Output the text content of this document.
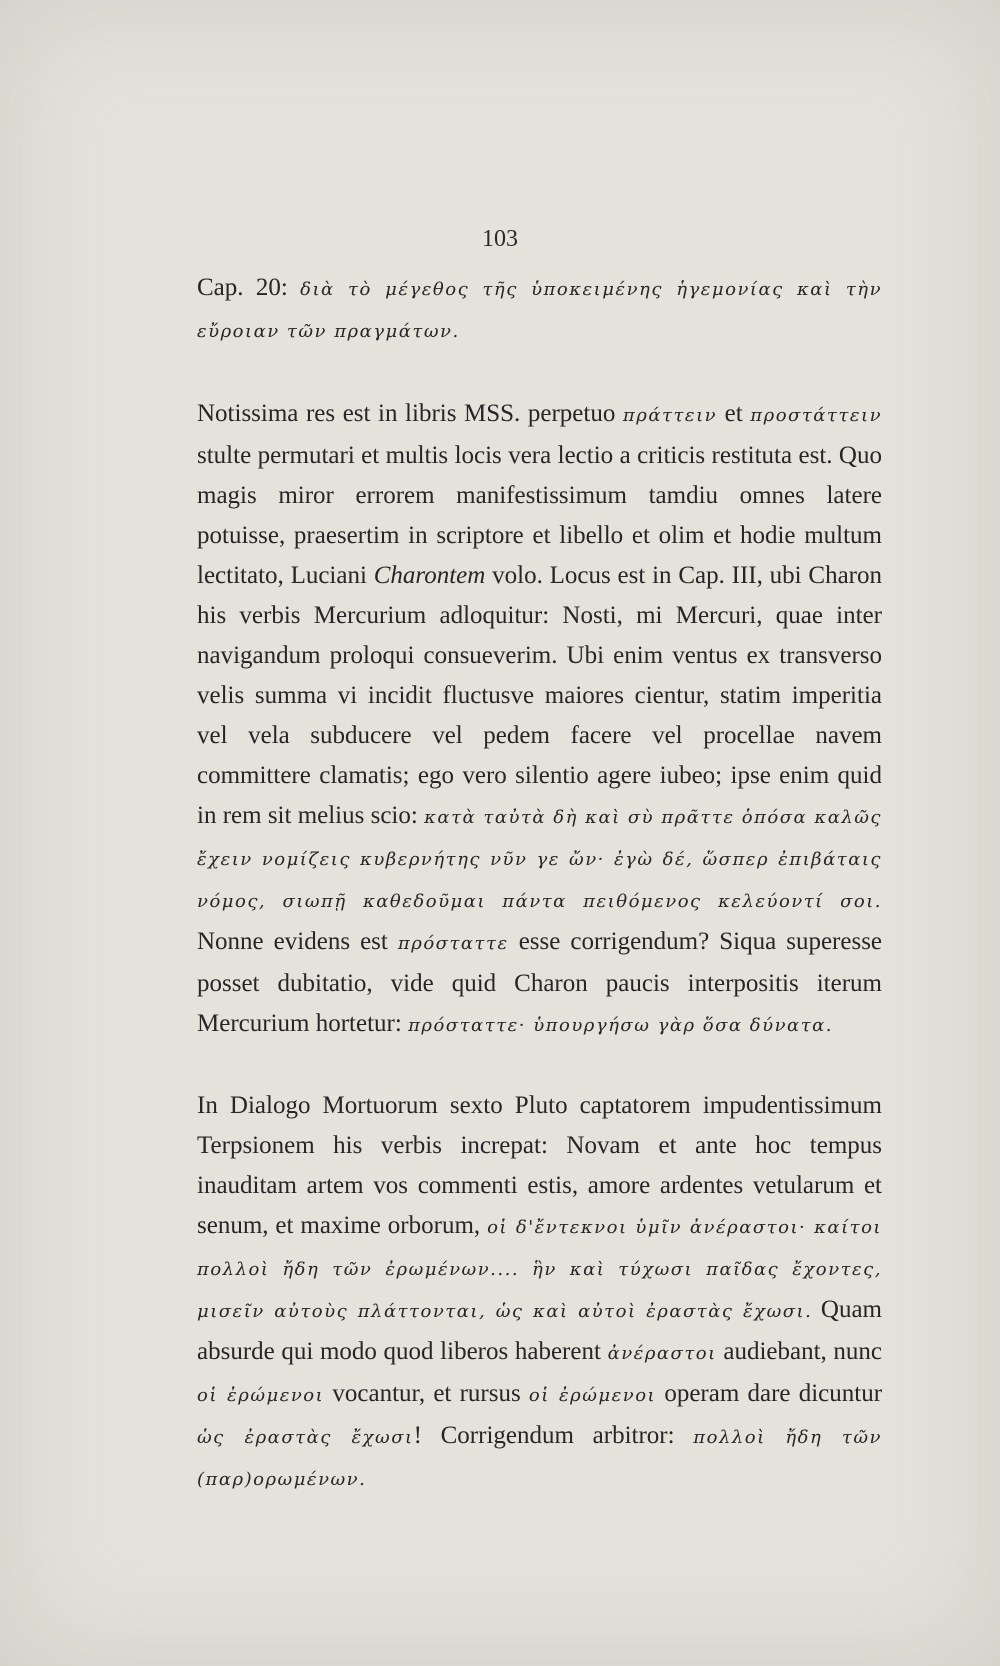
103

Cap. 20: διὰ τὸ μέγεθος τῆς ὑποκειμένης ἡγεμονίας καὶ τὴν εὔροιαν τῶν πραγμάτων.

Notissima res est in libris MSS. perpetuo πράττειν et προστάττειν stulte permutari et multis locis vera lectio a criticis restituta est. Quo magis miror errorem manifestissimum tamdiu omnes latere potuisse, praesertim in scriptore et libello et olim et hodie multum lectitato, Luciani Charontem volo. Locus est in Cap. III, ubi Charon his verbis Mercurium adloquitur: Nosti, mi Mercuri, quae inter navigandum proloqui consueverim. Ubi enim ventus ex transverso velis summa vi incidit fluctusve maiores cientur, statim imperitia vel vela subducere vel pedem facere vel procellae navem committere clamatis; ego vero silentio agere iubeo; ipse enim quid in rem sit melius scio: κατὰ ταὐτὰ δὴ καὶ σὺ πρᾶττε ὁπόσα καλῶς ἔχειν νομίζεις κυβερνήτης νῦν γε ὤν· ἐγὼ δέ, ὥσπερ ἐπιβάταις νόμος, σιωπῇ καθεδοῦμαι πάντα πειθόμενος κελεύοντί σοι. Nonne evidens est πρόσταττε esse corrigendum? Siqua superesse posset dubitatio, vide quid Charon paucis interpositis iterum Mercurium hortetur: πρόσταττε· ὑπουργήσω γὰρ ὅσα δύνατα.

In Dialogo Mortuorum sexto Pluto captatorem impudentissimum Terpsionem his verbis increpat: Novam et ante hoc tempus inauditam artem vos commenti estis, amore ardentes vetularum et senum, et maxime orborum, οἱ δ'ἔντεκνοι ὑμῖν ἀνέραστοι· καίτοι πολλοὶ ἤδη τῶν ἐρωμένων.... ἣν καὶ τύχωσι παῖδας ἔχοντες, μισεῖν αὐτοὺς πλάττονται, ὡς καὶ αὐτοὶ ἐραστὰς ἔχωσι. Quam absurde qui modo quod liberos haberent ἀνέραστοι audiebant, nunc οἱ ἐρώμενοι vocantur, et rursus οἱ ἐρώμενοι operam dare dicuntur ὡς ἐραστὰς ἔχωσι! Corrigendum arbitror: πολλοὶ ἤδη τῶν (παρ)ορωμένων.
